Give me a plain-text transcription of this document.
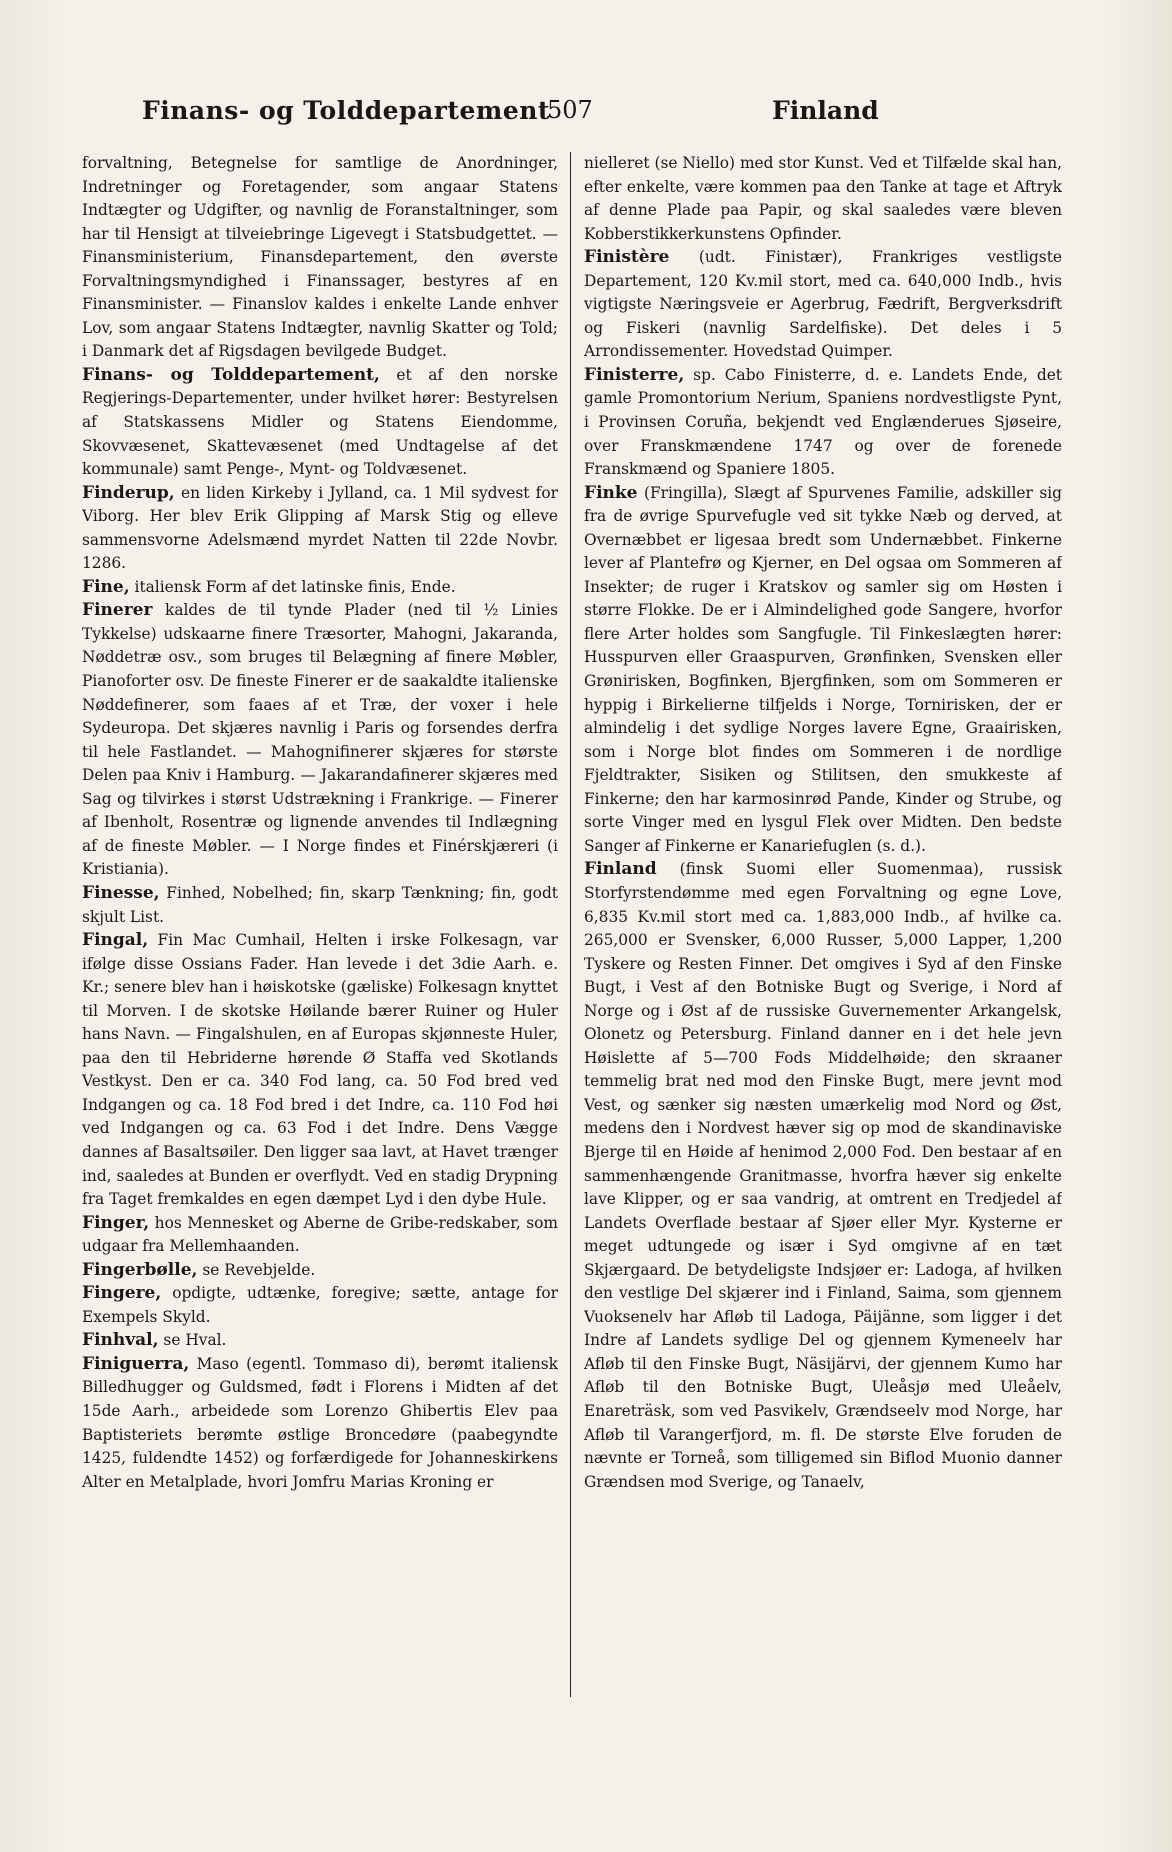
Finans- og Tolddepartement
507	Finland

forvaltning, Betegnelse for samtlige de Anordninger, Indretninger og Foretagender, som angaar Statens Indtægter og Udgifter, og navnlig de Foranstaltninger, som har til Hensigt at tilveiebringe Ligevegt i Statsbudgettet. — Finansministerium, Finansdepartement, den øverste Forvaltningsmyndighed i Finanssager, bestyres af en Finansminister. — Finanslov kaldes i enkelte Lande enhver Lov, som angaar Statens Indtægter, navnlig Skatter og Told; i Danmark det af Rigsdagen bevilgede Budget.

Finans- og Tolddepartement, et af den norske Regjerings-Departementer, under hvilket hører: Bestyrelsen af Statskassens Midler og Statens Eiendomme, Skovvæsenet, Skattevæsenet (med Undtagelse af det kommunale) samt Penge-, Mynt- og Toldvæsenet.

Finderup, en liden Kirkeby i Jylland, ca. 1 Mil sydvest for Viborg. Her blev Erik Glipping af Marsk Stig og elleve sammensvorne Adelsmænd myrdet Natten til 22de Novbr. 1286.

Fine, italiensk Form af det latinske finis, Ende.

Finerer kaldes de til tynde Plader (ned til ½ Linies Tykkelse) udskaarne finere Træsorter, Mahogni, Jakaranda, Nøddetræ osv., som bruges til Belægning af finere Møbler, Pianoforter osv. De fineste Finerer er de saakaldte italienske Nøddefinerer, som faaes af et Træ, der voxer i hele Sydeuropa. Det skjæres navnlig i Paris og forsendes derfra til hele Fastlandet. — Mahognifinerer skjæres for største Delen paa Kniv i Hamburg. — Jakarandafinerer skjæres med Sag og tilvirkes i størst Udstrækning i Frankrige. — Finerer af Ibenholt, Rosentræ og lignende anvendes til Indlægning af de fineste Møbler. — I Norge findes et Finérskjæreri (i Kristiania).

Finesse, Finhed, Nobelhed; fin, skarp Tænkning; fin, godt skjult List.

Fingal, Fin Mac Cumhail, Helten i irske Folkesagn, var ifølge disse Ossians Fader. Han levede i det 3die Aarh. e. Kr.; senere blev han i høiskotske (gæliske) Folkesagn knyttet til Morven. I de skotske Høilande bærer Ruiner og Huler hans Navn. — Fingalshulen, en af Europas skjønneste Huler, paa den til Hebriderne hørende Ø Staffa ved Skotlands Vestkyst. Den er ca. 340 Fod lang, ca. 50 Fod bred ved Indgangen og ca. 18 Fod bred i det Indre, ca. 110 Fod høi ved Indgangen og ca. 63 Fod i det Indre. Dens Vægge dannes af Basaltsøiler. Den ligger saa lavt, at Havet trænger ind, saaledes at Bunden er overflydt. Ved en stadig Drypning fra Taget fremkaldes en egen dæmpet Lyd i den dybe Hule.

Finger, hos Mennesket og Aberne de Gribe-redskaber, som udgaar fra Mellemhaanden.

Fingerbølle, se Revebjelde.

Fingere, opdigte, udtænke, foregive; sætte, antage for Exempels Skyld.

Finhval, se Hval.

Finiguerra, Maso (egentl. Tommaso di), berømt italiensk Billedhugger og Guldsmed, født i Florens i Midten af det 15de Aarh., arbeidede som Lorenzo Ghibertis Elev paa Baptisteriets berømte østlige Broncedøre (paabegyndte 1425, fuldendte 1452) og forfærdigede for Johanneskirkens Alter en Metalplade, hvori Jomfru Marias Kroning er

nielleret (se Niello) med stor Kunst. Ved et Tilfælde skal han, efter enkelte, være kommen paa den Tanke at tage et Aftryk af denne Plade paa Papir, og skal saaledes være bleven Kobberstikkerkunstens Opfinder.

Finistère (udt. Finistær), Frankriges vestligste Departement, 120 Kv.mil stort, med ca. 640,000 Indb., hvis vigtigste Næringsveie er Agerbrug, Fædrift, Bergverksdrift og Fiskeri (navnlig Sardelfiske). Det deles i 5 Arrondissementer. Hovedstad Quimper.

Finisterre, sp. Cabo Finisterre, d. e. Landets Ende, det gamle Promontorium Nerium, Spaniens nordvestligste Pynt, i Provinsen Coruña, bekjendt ved Englænderues Sjøseire, over Franskmændene 1747 og over de forenede Franskmænd og Spaniere 1805.

Finke (Fringilla), Slægt af Spurvenes Familie, adskiller sig fra de øvrige Spurvefugle ved sit tykke Næb og derved, at Overnæbbet er ligesaa bredt som Undernæbbet. Finkerne lever af Plantefrø og Kjerner, en Del ogsaa om Sommeren af Insekter; de ruger i Kratskov og samler sig om Høsten i større Flokke. De er i Almindelighed gode Sangere, hvorfor flere Arter holdes som Sangfugle. Til Finkeslægten hører: Husspurven eller Graaspurven, Grønfinken, Svensken eller Grønirisken, Bogfinken, Bjergfinken, som om Sommeren er hyppig i Birkelierne tilfjelds i Norge, Tornirisken, der er almindelig i det sydlige Norges lavere Egne, Graairisken, som i Norge blot findes om Sommeren i de nordlige Fjeldtrakter, Sisiken og Stilitsen, den smukkeste af Finkerne; den har karmosinrød Pande, Kinder og Strube, og sorte Vinger med en lysgul Flek over Midten. Den bedste Sanger af Finkerne er Kanariefuglen (s. d.).

Finland (finsk Suomi eller Suomenmaa), russisk Storfyrstendømme med egen Forvaltning og egne Love, 6,835 Kv.mil stort med ca. 1,883,000 Indb., af hvilke ca. 265,000 er Svensker, 6,000 Russer, 5,000 Lapper, 1,200 Tyskere og Resten Finner. Det omgives i Syd af den Finske Bugt, i Vest af den Botniske Bugt og Sverige, i Nord af Norge og i Øst af de russiske Guvernementer Arkangelsk, Olonetz og Petersburg. Finland danner en i det hele jevn Høislette af 5—700 Fods Middelhøide; den skraaner temmelig brat ned mod den Finske Bugt, mere jevnt mod Vest, og sænker sig næsten umærkelig mod Nord og Øst, medens den i Nordvest hæver sig op mod de skandinaviske Bjerge til en Høide af henimod 2,000 Fod. Den bestaar af en sammenhængende Granitmasse, hvorfra hæver sig enkelte lave Klipper, og er saa vandrig, at omtrent en Tredjedel af Landets Overflade bestaar af Sjøer eller Myr. Kysterne er meget udtungede og især i Syd omgivne af en tæt Skjærgaard. De betydeligste Indsjøer er: Ladoga, af hvilken den vestlige Del skjærer ind i Finland, Saima, som gjennem Vuoksenelv har Afløb til Ladoga, Päijänne, som ligger i det Indre af Landets sydlige Del og gjennem Kymeneelv har Afløb til den Finske Bugt, Näsijärvi, der gjennem Kumo har Afløb til den Botniske Bugt, Uleåsjø med Uleåelv, Enareträsk, som ved Pasvikelv, Grændseelv mod Norge, har Afløb til Varangerfjord, m. fl. De største Elve foruden de nævnte er Torneå, som tilligemed sin Biflod Muonio danner Grændsen mod Sverige, og Tanaelv,
